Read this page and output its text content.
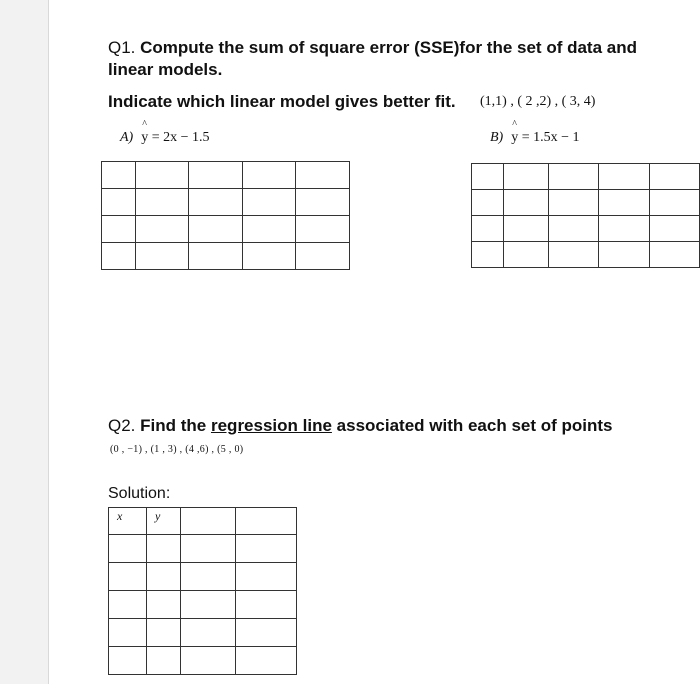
Q1. Compute the sum of square error (SSE)for the set of data and
linear models.
Indicate which linear model gives better fit. (1,1) , ( 2 ,2) , ( 3, 4)
A) ^ y = 2x − 1.5	B) ^ y = 1.5x − 1

Q2. Find the regression line associated with each set of points
(0 , −1) , (1 , 3) , (4 ,6) , (5 , 0)
Solution:
x	y		
